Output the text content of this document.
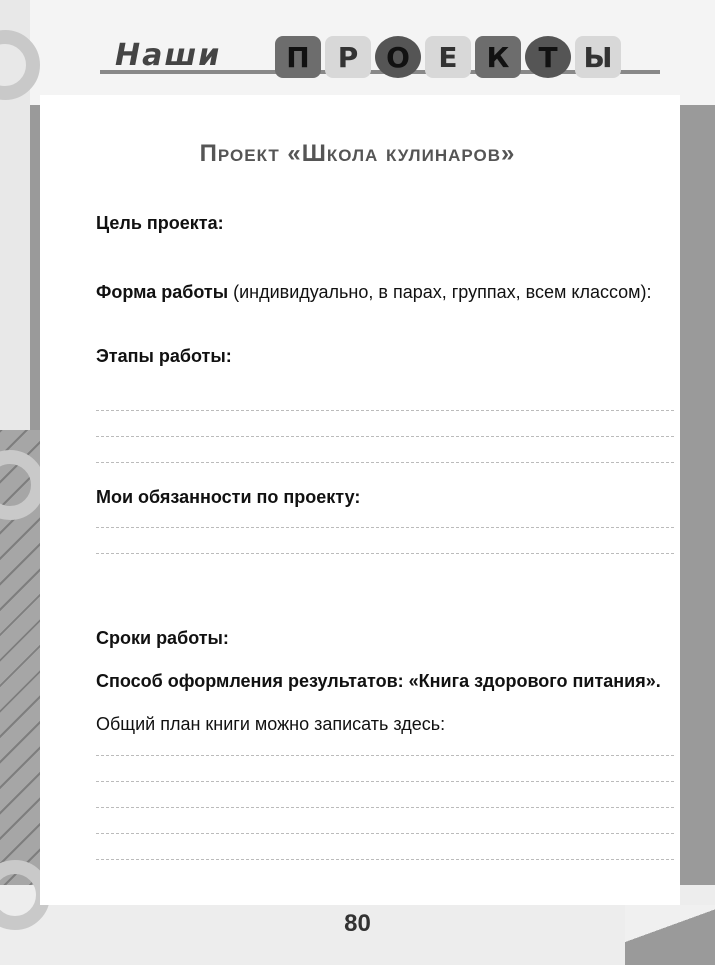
Наши	П	Р О	Е	К	Т Ы
Проект «Школа кулинаров»
Цель проекта:
Форма работы (индивидуально, в парах, группах, всем классом):
Этапы работы:
Мои обязанности по проекту:
Сроки работы:
Способ оформления результатов: «Книга здорового питания».
Общий план книги можно записать здесь:
80
